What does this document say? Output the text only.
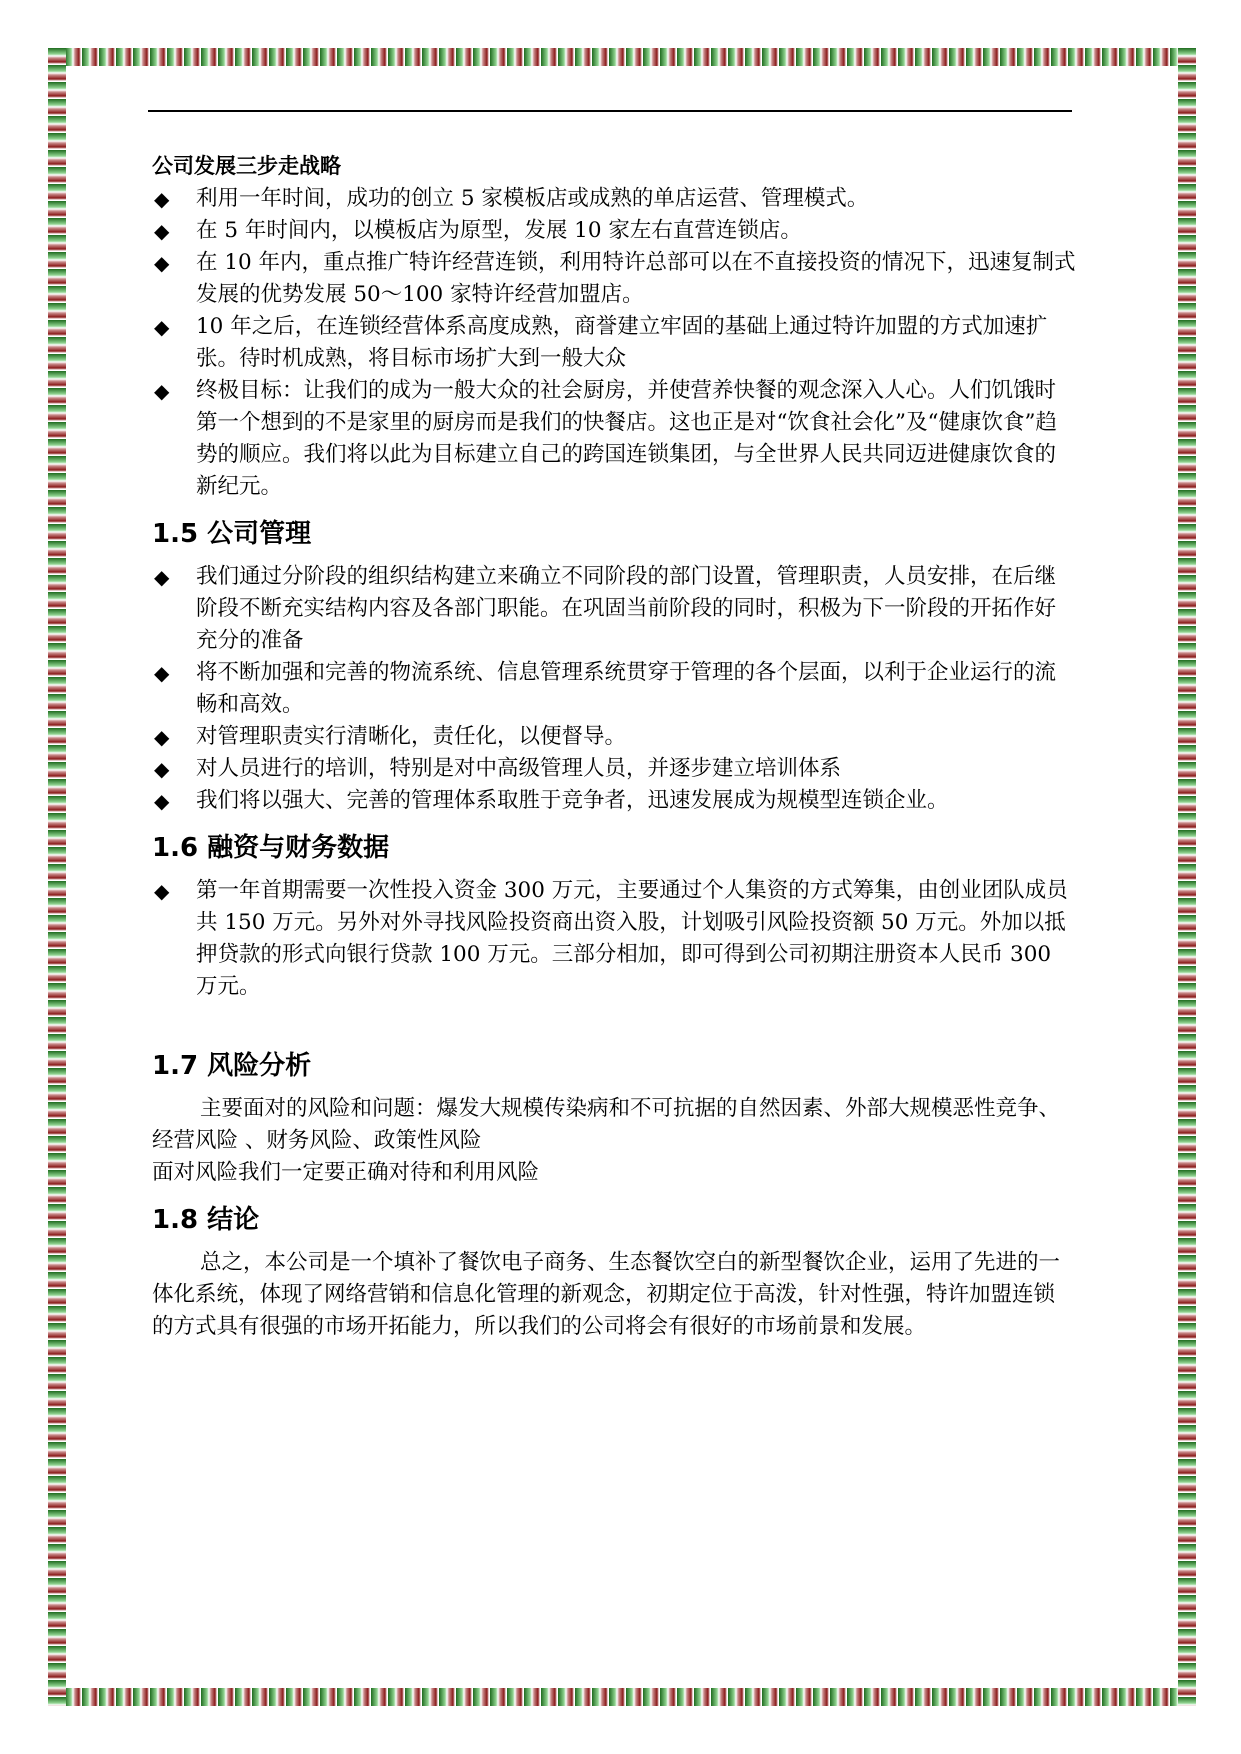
公司发展三步走战略
◆ 利用一年时间，成功的创立 5 家模板店或成熟的单店运营、管理模式。
◆ 在 5 年时间内，以模板店为原型，发展 10 家左右直营连锁店。
◆ 在 10 年内，重点推广特许经营连锁，利用特许总部可以在不直接投资的情况下，迅速复制式发展的优势发展 50～100 家特许经营加盟店。
◆ 10 年之后，在连锁经营体系高度成熟，商誉建立牢固的基础上通过特许加盟的方式加速扩张。待时机成熟，将目标市场扩大到一般大众
◆ 终极目标：让我们的成为一般大众的社会厨房，并使营养快餐的观念深入人心。人们饥饿时第一个想到的不是家里的厨房而是我们的快餐店。这也正是对“饮食社会化”及“健康饮食”趋势的顺应。我们将以此为目标建立自己的跨国连锁集团，与全世界人民共同迈进健康饮食的新纪元。
1.5 公司管理
◆ 我们通过分阶段的组织结构建立来确立不同阶段的部门设置，管理职责，人员安排，在后继阶段不断充实结构内容及各部门职能。在巩固当前阶段的同时，积极为下一阶段的开拓作好充分的准备
◆ 将不断加强和完善的物流系统、信息管理系统贯穿于管理的各个层面，以利于企业运行的流畅和高效。
◆ 对管理职责实行清晰化，责任化，以便督导。
◆ 对人员进行的培训，特别是对中高级管理人员，并逐步建立培训体系
◆ 我们将以强大、完善的管理体系取胜于竞争者，迅速发展成为规模型连锁企业。
1.6 融资与财务数据
◆ 第一年首期需要一次性投入资金 300 万元，主要通过个人集资的方式筹集，由创业团队成员共 150 万元。另外对外寻找风险投资商出资入股，计划吸引风险投资额 50 万元。外加以抵押贷款的形式向银行贷款 100 万元。三部分相加，即可得到公司初期注册资本人民币 300 万元。
1.7 风险分析

主要面对的风险和问题：爆发大规模传染病和不可抗据的自然因素、外部大规模恶性竞争、经营风险 、财务风险、政策性风险

面对风险我们一定要正确对待和利用风险

1.8 结论

总之，本公司是一个填补了餐饮电子商务、生态餐饮空白的新型餐饮企业，运用了先进的一体化系统，体现了网络营销和信息化管理的新观念，初期定位于高泼，针对性强，特许加盟连锁的方式具有很强的市场开拓能力，所以我们的公司将会有很好的市场前景和发展。
